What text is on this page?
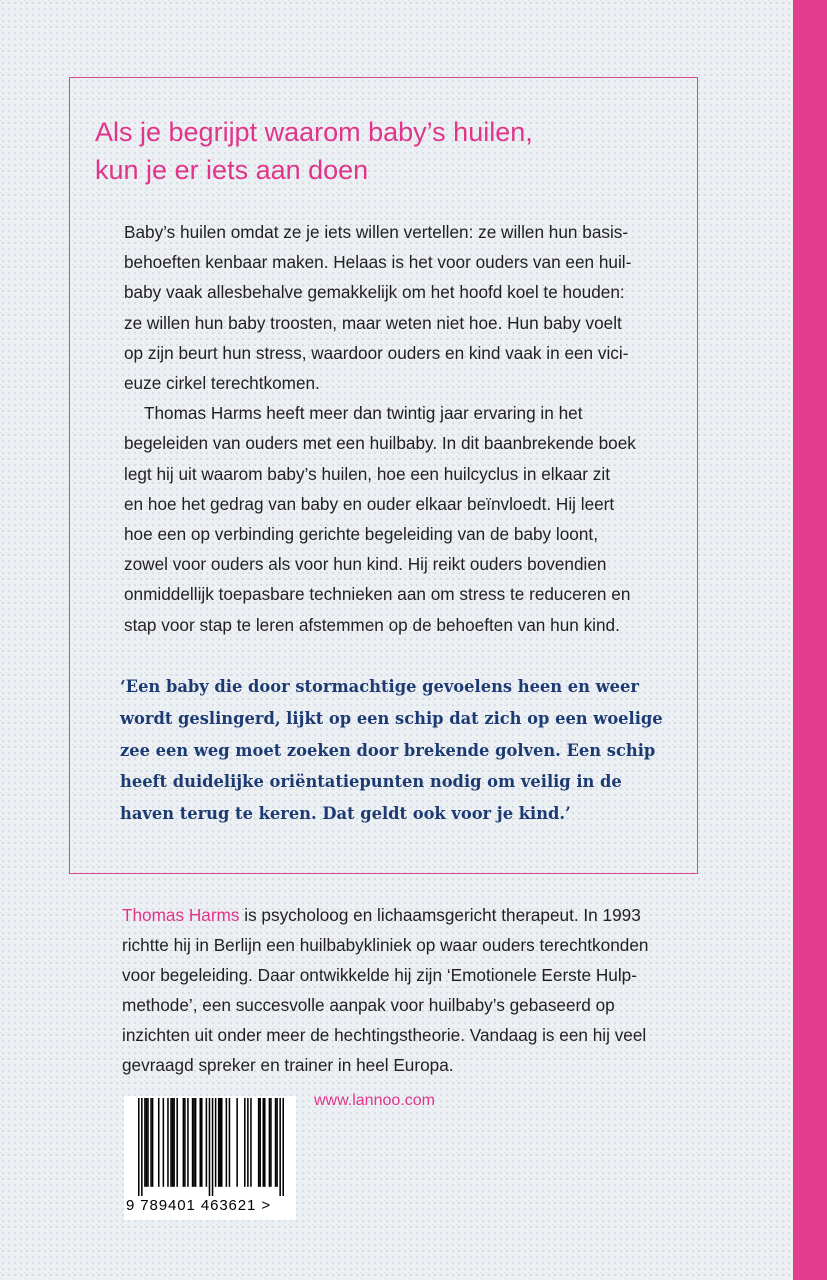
Als je begrijpt waarom baby’s huilen,
kun je er iets aan doen

Baby’s huilen omdat ze je iets willen vertellen: ze willen hun basis-

behoeften kenbaar maken. Helaas is het voor ouders van een huil-

baby vaak allesbehalve gemakkelijk om het hoofd koel te houden:

ze willen hun baby troosten, maar weten niet hoe. Hun baby voelt

op zijn beurt hun stress, waardoor ouders en kind vaak in een vici-

euze cirkel terechtkomen.

Thomas Harms heeft meer dan twintig jaar ervaring in het

begeleiden van ouders met een huilbaby. In dit baanbrekende boek

legt hij uit waarom baby’s huilen, hoe een huilcyclus in elkaar zit

en hoe het gedrag van baby en ouder elkaar beïnvloedt. Hij leert

hoe een op verbinding gerichte begeleiding van de baby loont,

zowel voor ouders als voor hun kind. Hij reikt ouders bovendien

onmiddellijk toepasbare technieken aan om stress te reduceren en

stap voor stap te leren afstemmen op de behoeften van hun kind.

‘Een baby die door stormachtige gevoelens heen en weer

wordt geslingerd, lijkt op een schip dat zich op een woelige

zee een weg moet zoeken door brekende golven. Een schip

heeft duidelijke oriëntatiepunten nodig om veilig in de

haven terug te keren. Dat geldt ook voor je kind.’

Thomas Harms is psycholoog en lichaamsgericht therapeut. In 1993

richtte hij in Berlijn een huilbabykliniek op waar ouders terechtkonden

voor begeleiding. Daar ontwikkelde hij zijn ‘Emotionele Eerste Hulp-

methode’, een succesvolle aanpak voor huilbaby’s gebaseerd op

inzichten uit onder meer de hechtingstheorie. Vandaag is een hij veel

gevraagd spreker en trainer in heel Europa.

9 789401 463621 >
www.lannoo.com
